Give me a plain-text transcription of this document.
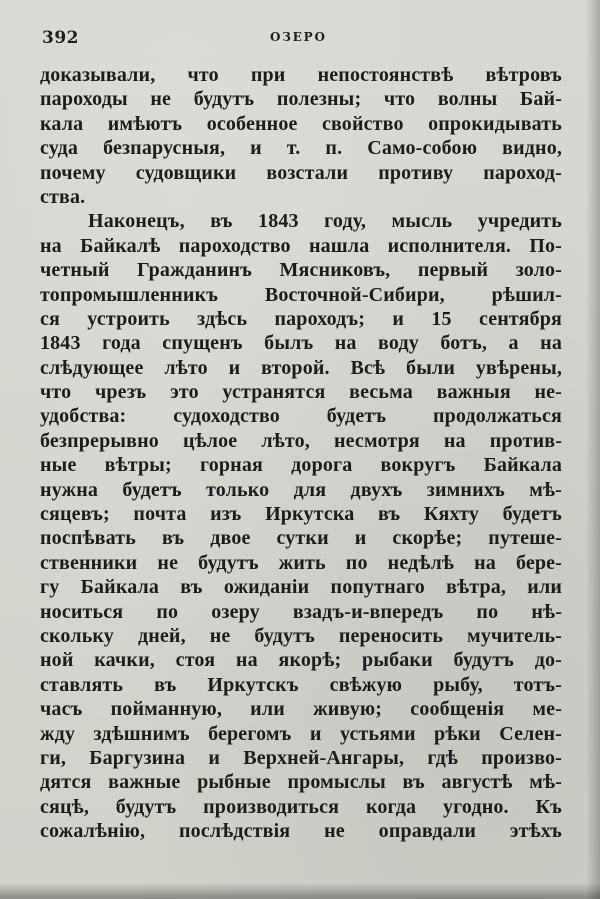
392	ОЗЕРО
доказывали, что при непостоянствѣ вѣтровъ
пароходы не будутъ полезны; что волны Бай-
кала имѣютъ особенное свойство опрокидывать
суда безпарусныя, и т. п. Само-собою видно,
почему судовщики возстали противу пароход-
ства.
Наконецъ, въ 1843 году, мысль учредить
на Байкалѣ пароходство нашла исполнителя. По-
четный Гражданинъ Мясниковъ, первый золо-
топромышленникъ Восточной-Сибири, рѣшил-
ся устроить здѣсь пароходъ; и 15 сентября
1843 года спущенъ былъ на воду ботъ, а на
слѣдующее лѣто и второй. Всѣ были увѣрены,
что чрезъ это устранятся весьма важныя не-
удобства: судоходство будетъ продолжаться
безпрерывно цѣлое лѣто, несмотря на против-
ные вѣтры; горная дорога вокругъ Байкала
нужна будетъ только для двухъ зимнихъ мѣ-
сяцевъ; почта изъ Иркутска въ Кяхту будетъ
поспѣвать въ двое сутки и скорѣе; путеше-
ственники не будутъ жить по недѣлѣ на бере-
гу Байкала въ ожиданіи попутнаго вѣтра, или
носиться по озеру взадъ-и-впередъ по нѣ-
скольку дней, не будутъ переносить мучитель-
ной качки, стоя на якорѣ; рыбаки будутъ до-
ставлять въ Иркутскъ свѣжую рыбу, тотъ-
часъ пойманную, или живую; сообщенія ме-
жду здѣшнимъ берегомъ и устьями рѣки Селен-
ги, Баргузина и Верхней-Ангары, гдѣ произво-
дятся важные рыбные промыслы въ августѣ мѣ-
сяцѣ, будутъ производиться когда угодно. Къ
сожалѣнію, послѣдствія не оправдали этѣхъ
